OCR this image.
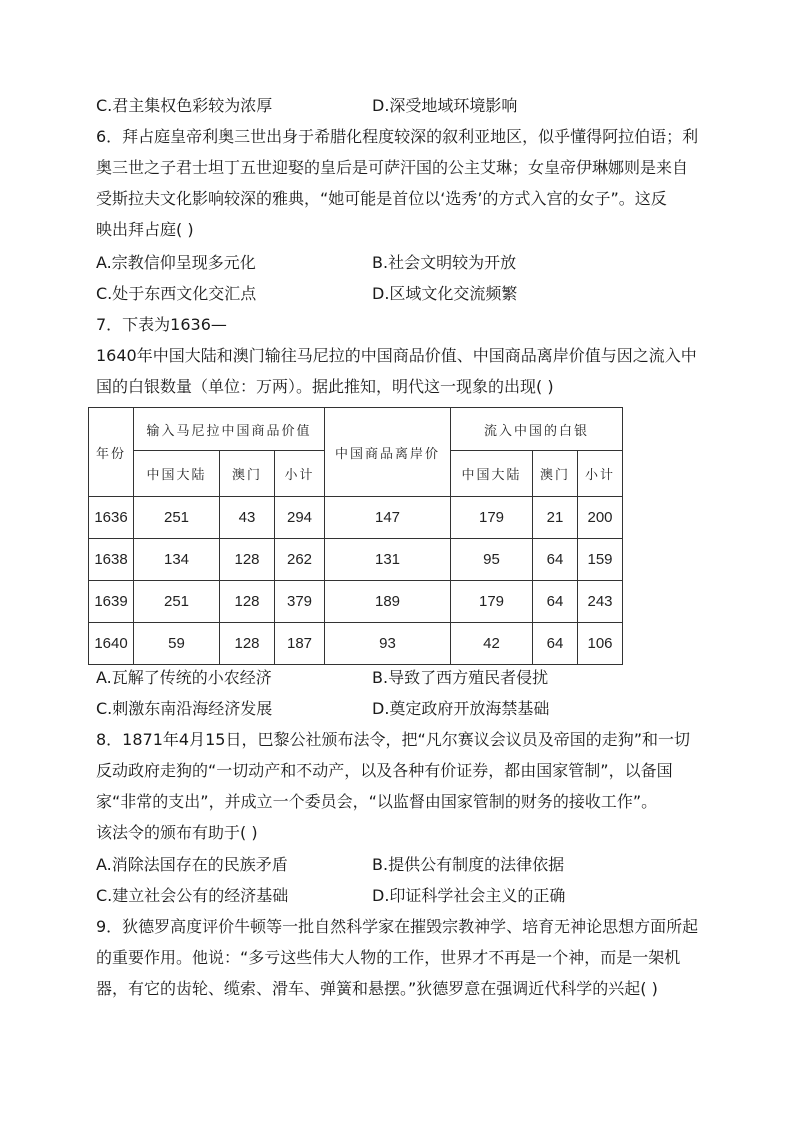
C.君主集权色彩较为浓厚	D.深受地域环境影响
6．拜占庭皇帝利奥三世出身于希腊化程度较深的叙利亚地区，似乎懂得阿拉伯语；利
奥三世之子君士坦丁五世迎娶的皇后是可萨汗国的公主艾琳；女皇帝伊琳娜则是来自
受斯拉夫文化影响较深的雅典，“她可能是首位以‘选秀’的方式入宫的女子”。这反
映出拜占庭( )
A.宗教信仰呈现多元化	B.社会文明较为开放
C.处于东西文化交汇点	D.区域文化交流频繁
7．下表为1636—
1640年中国大陆和澳门输往马尼拉的中国商品价值、中国商品离岸价值与因之流入中
国的白银数量（单位：万两）。据此推知，明代这一现象的出现( )
年份	输入马尼拉中国商品价值			中国商品离岸价	流入中国的白银		
	中国大陆	澳门	小计		中国大陆	澳门	小计
1636	251	43	294	147	179	21	200
1638	134	128	262	131	95	64	159
1639	251	128	379	189	179	64	243
1640	59	128	187	93	42	64	106
A.瓦解了传统的小农经济	B.导致了西方殖民者侵扰
C.刺激东南沿海经济发展	D.奠定政府开放海禁基础
8．1871年4月15日，巴黎公社颁布法令，把“凡尔赛议会议员及帝国的走狗”和一切
反动政府走狗的“一切动产和不动产，以及各种有价证券，都由国家管制”，以备国
家“非常的支出”，并成立一个委员会，“以监督由国家管制的财务的接收工作”。
该法令的颁布有助于( )
A.消除法国存在的民族矛盾	B.提供公有制度的法律依据
C.建立社会公有的经济基础	D.印证科学社会主义的正确
9．狄德罗高度评价牛顿等一批自然科学家在摧毁宗教神学、培育无神论思想方面所起
的重要作用。他说：“多亏这些伟大人物的工作，世界才不再是一个神，而是一架机
器，有它的齿轮、缆索、滑车、弹簧和悬摆。”狄德罗意在强调近代科学的兴起( )
